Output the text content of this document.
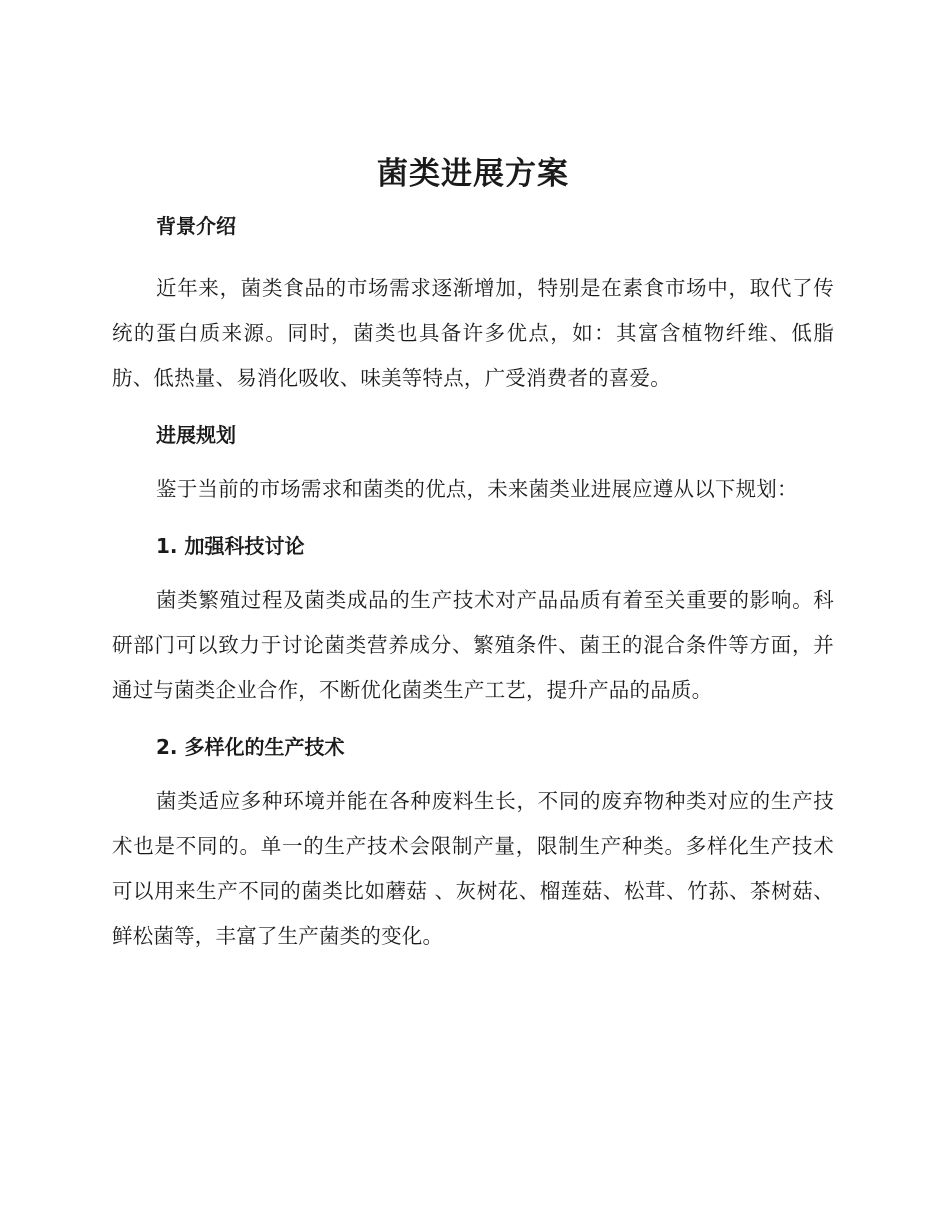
菌类进展方案
背景介绍

近年来，菌类食品的市场需求逐渐增加，特别是在素食市场中，取代了传统的蛋白质来源。同时，菌类也具备许多优点，如：其富含植物纤维、低脂肪、低热量、易消化吸收、味美等特点，广受消费者的喜爱。

进展规划

鉴于当前的市场需求和菌类的优点，未来菌类业进展应遵从以下规划：

1. 加强科技讨论

菌类繁殖过程及菌类成品的生产技术对产品品质有着至关重要的影响。科研部门可以致力于讨论菌类营养成分、繁殖条件、菌王的混合条件等方面，并通过与菌类企业合作，不断优化菌类生产工艺，提升产品的品质。

2. 多样化的生产技术

菌类适应多种环境并能在各种废料生长，不同的废弃物种类对应的生产技术也是不同的。单一的生产技术会限制产量，限制生产种类。多样化生产技术可以用来生产不同的菌类比如蘑菇 、灰树花、榴莲菇、松茸、竹荪、茶树菇、鲜松菌等，丰富了生产菌类的变化。
